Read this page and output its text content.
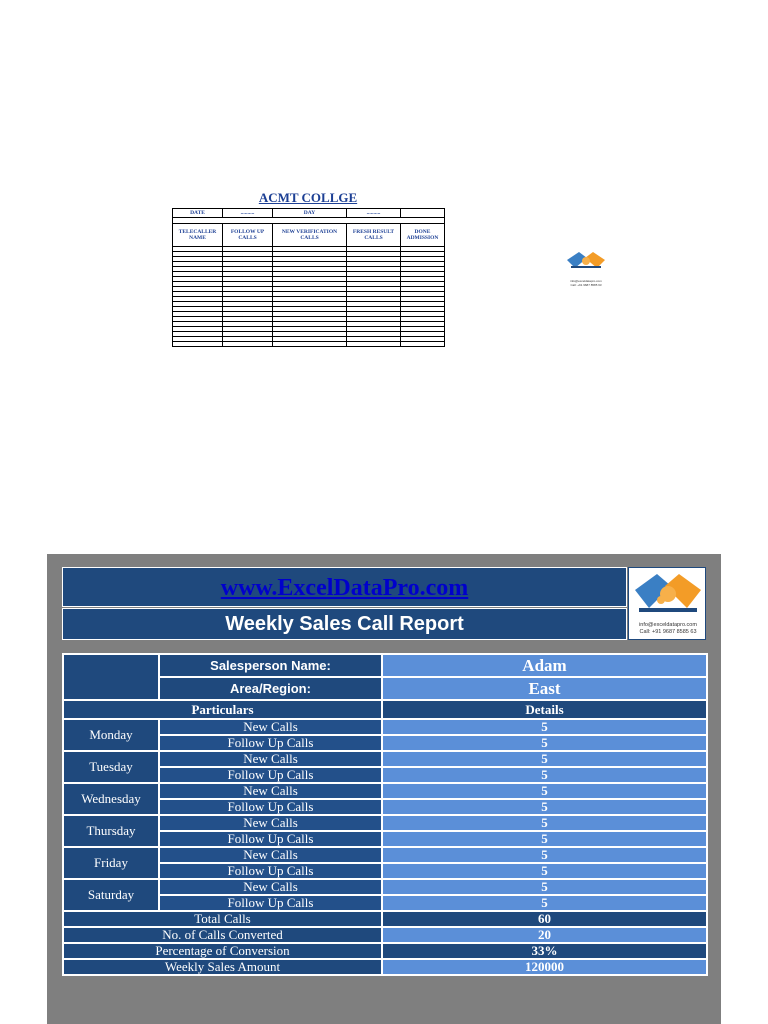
ACMT COLLGE
DATE	..........	DAY	..........	

TELECALLER NAME	FOLLOW UP CALLS	NEW VERIFICATION CALLS	FRESH RESULT CALLS	DONE ADMISSION

info@exceldatapro.com
Call: +91 9687 8585 63
www.ExcelDataPro.com
Weekly Sales Call Report	info@exceldatapro.com
Call: +91 9687 8585 63
	Salesperson Name:	Adam
	Area/Region:	East
Particulars		Details
Monday	New Calls	5
	Follow Up Calls	5
Tuesday	New Calls	5
	Follow Up Calls	5
Wednesday	New Calls	5
	Follow Up Calls	5
Thursday	New Calls	5
	Follow Up Calls	5
Friday	New Calls	5
	Follow Up Calls	5
Saturday	New Calls	5
	Follow Up Calls	5
Total Calls		60
No. of Calls Converted		20
Percentage of Conversion		33%
Weekly Sales Amount		120000
